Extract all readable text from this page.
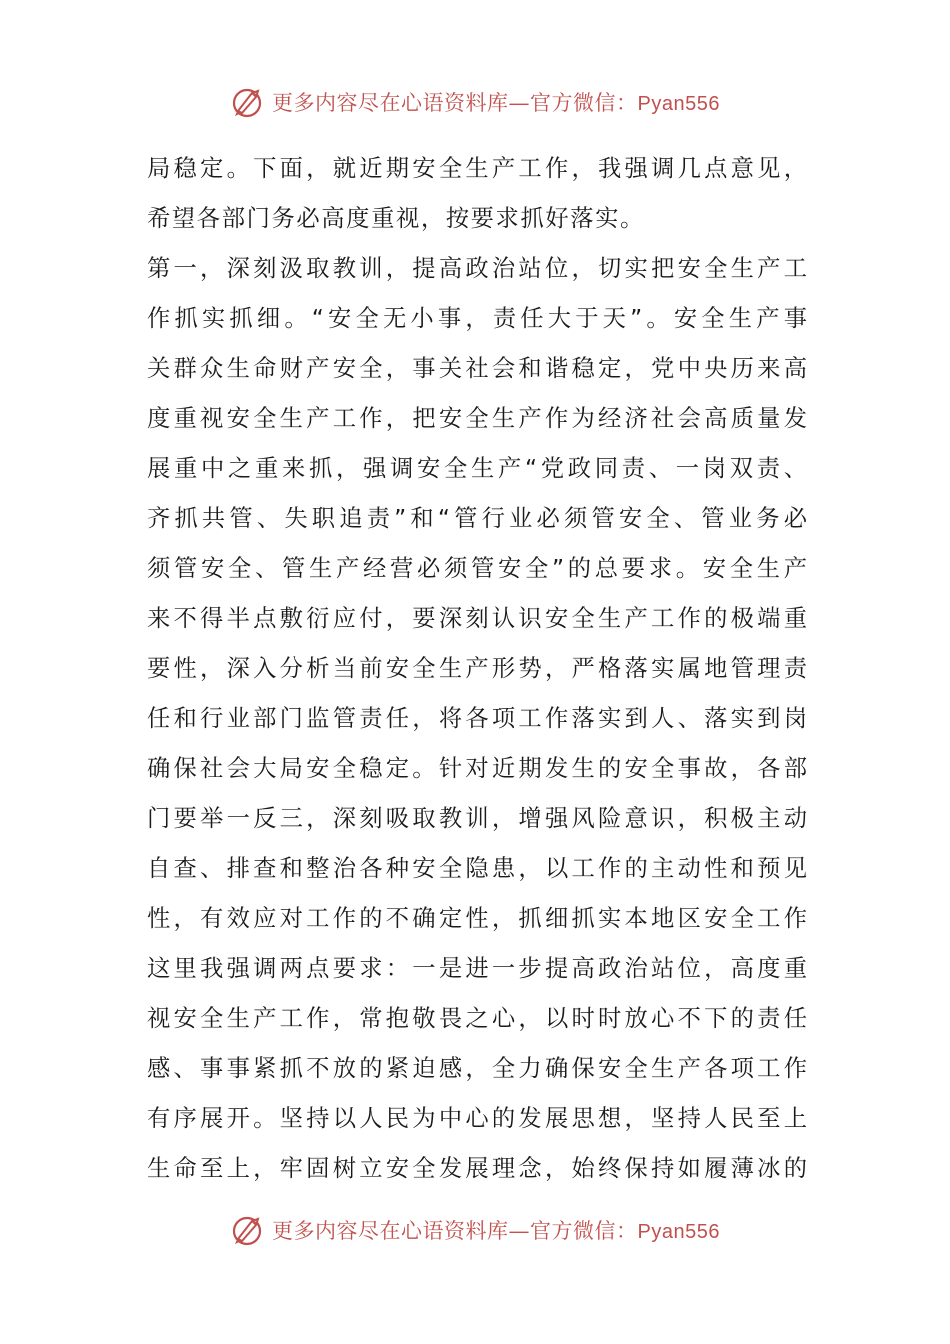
更多内容尽在心语资料库—官方微信：Pyan556
局稳定。下面，就近期安全生产工作，我强调几点意见，
希望各部门务必高度重视，按要求抓好落实。
第一，深刻汲取教训，提高政治站位，切实把安全生产工
作抓实抓细。“安全无小事，责任大于天”。安全生产事
关群众生命财产安全，事关社会和谐稳定，党中央历来高
度重视安全生产工作，把安全生产作为经济社会高质量发
展重中之重来抓，强调安全生产“党政同责、一岗双责、
齐抓共管、失职追责”和“管行业必须管安全、管业务必
须管安全、管生产经营必须管安全”的总要求。安全生产
来不得半点敷衍应付，要深刻认识安全生产工作的极端重
要性，深入分析当前安全生产形势，严格落实属地管理责
任和行业部门监管责任，将各项工作落实到人、落实到岗
确保社会大局安全稳定。针对近期发生的安全事故，各部
门要举一反三，深刻吸取教训，增强风险意识，积极主动
自查、排查和整治各种安全隐患，以工作的主动性和预见
性，有效应对工作的不确定性，抓细抓实本地区安全工作
这里我强调两点要求：一是进一步提高政治站位，高度重
视安全生产工作，常抱敬畏之心，以时时放心不下的责任
感、事事紧抓不放的紧迫感，全力确保安全生产各项工作
有序展开。坚持以人民为中心的发展思想，坚持人民至上
生命至上，牢固树立安全发展理念，始终保持如履薄冰的
更多内容尽在心语资料库—官方微信：Pyan556
